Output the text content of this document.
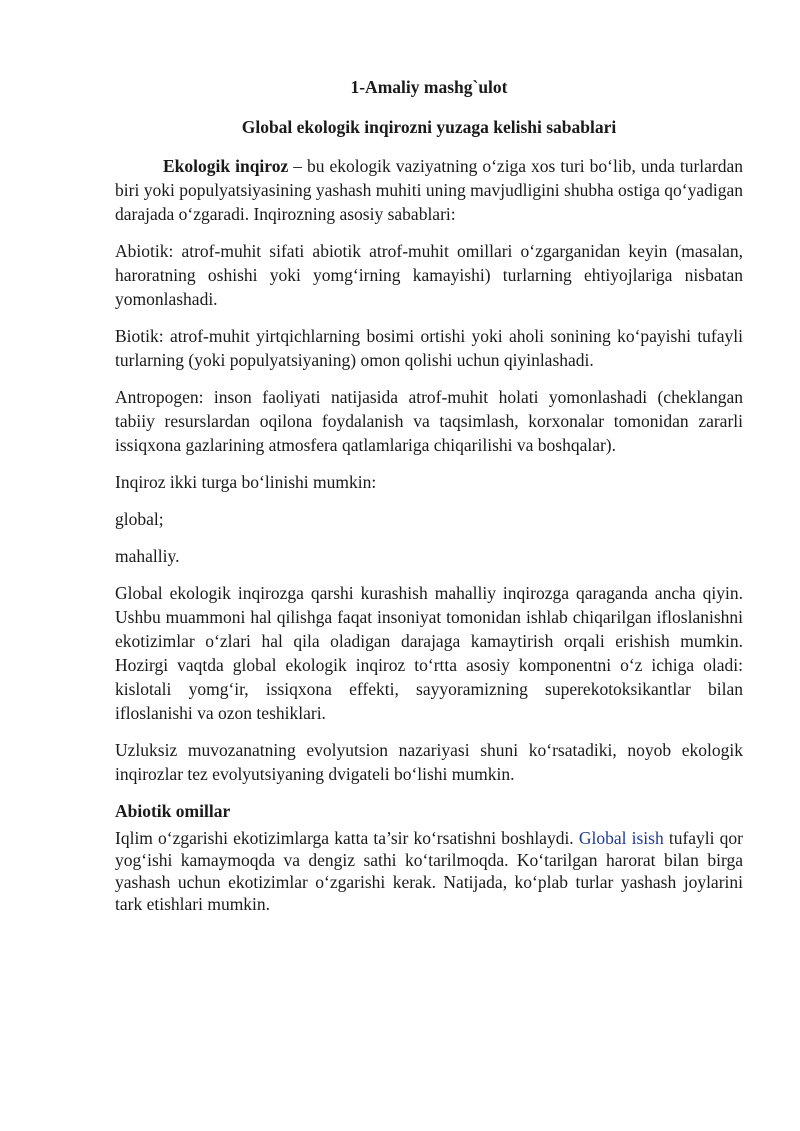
1-Amaliy mashg`ulot
Global ekologik inqirozni yuzaga kelishi sabablari

Ekologik inqiroz – bu ekologik vaziyatning o‘ziga xos turi bo‘lib, unda turlardan biri yoki populyatsiyasining yashash muhiti uning mavjudligini shubha ostiga qo‘yadigan darajada o‘zgaradi. Inqirozning asosiy sabablari:

Abiotik: atrof-muhit sifati abiotik atrof-muhit omillari o‘zgarganidan keyin (masalan, haroratning oshishi yoki yomg‘irning kamayishi) turlarning ehtiyojlariga nisbatan yomonlashadi.

Biotik: atrof-muhit yirtqichlarning bosimi ortishi yoki aholi sonining ko‘payishi tufayli turlarning (yoki populyatsiyaning) omon qolishi uchun qiyinlashadi.

Antropogen: inson faoliyati natijasida atrof-muhit holati yomonlashadi (cheklangan tabiiy resurslardan oqilona foydalanish va taqsimlash, korxonalar tomonidan zararli issiqxona gazlarining atmosfera qatlamlariga chiqarilishi va boshqalar).

Inqiroz ikki turga bo‘linishi mumkin:

global;

mahalliy.

Global ekologik inqirozga qarshi kurashish mahalliy inqirozga qaraganda ancha qiyin. Ushbu muammoni hal qilishga faqat insoniyat tomonidan ishlab chiqarilgan ifloslanishni ekotizimlar o‘zlari hal qila oladigan darajaga kamaytirish orqali erishish mumkin. Hozirgi vaqtda global ekologik inqiroz to‘rtta asosiy komponentni o‘z ichiga oladi: kislotali yomg‘ir, issiqxona effekti, sayyoramizning superekotoksikantlar bilan ifloslanishi va ozon teshiklari.

Uzluksiz muvozanatning evolyutsion nazariyasi shuni ko‘rsatadiki, noyob ekologik inqirozlar tez evolyutsiyaning dvigateli bo‘lishi mumkin.

Abiotik omillar

Iqlim o‘zgarishi ekotizimlarga katta ta’sir ko‘rsatishni boshlaydi. Global isish tufayli qor yog‘ishi kamaymoqda va dengiz sathi ko‘tarilmoqda. Ko‘tarilgan harorat bilan birga yashash uchun ekotizimlar o‘zgarishi kerak. Natijada, ko‘plab turlar yashash joylarini tark etishlari mumkin.
